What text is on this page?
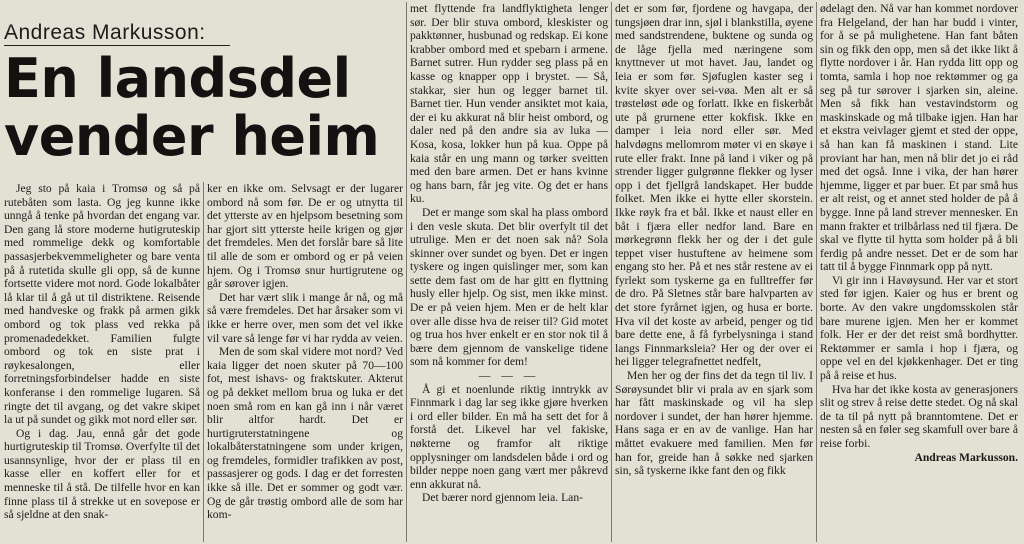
Andreas Markusson:
En landsdel
vender heim

Jeg sto på kaia i Tromsø og så på rutebåten som lasta. Og jeg kunne ikke unngå å tenke på hvordan det engang var. Den gang lå store moderne hutigruteskip med rommelige dekk og komfortable passasjerbekvemmeligheter og bare venta på å rutetida skulle gli opp, så de kunne fortsette videre mot nord. Gode lokalbåter lå klar til å gå ut til distriktene. Reisende med handveske og frakk på armen gikk ombord og tok plass ved rekka på promenadedekket. Familien fulgte ombord og tok en siste prat i røykesalongen, eller forretningsforbindelser hadde en siste konferanse i den rommelige lugaren. Så ringte det til avgang, og det vakre skipet la ut på sundet og gikk mot nord eller sør.

Og i dag. Jau, ennå går det gode hurtigruteskip til Tromsø. Overfylte til det usannsynlige, hvor der er plass til en kasse eller en koffert eller for et menneske til å stå. De tilfelle hvor en kan finne plass til å strekke ut en sovepose er så sjeldne at den snak-

ker en ikke om. Selvsagt er der lugarer ombord nå som før. De er og utnytta til det ytterste av en hjelpsom besetning som har gjort sitt ytterste heile krigen og gjør det fremdeles. Men det forslår bare så lite til alle de som er ombord og er på veien hjem. Og i Tromsø snur hurtigrutene og går sørover igjen.

Det har vært slik i mange år nå, og må så være fremdeles. Det har årsaker som vi ikke er herre over, men som det vel ikke vil vare så lenge før vi har rydda av veien.

Men de som skal videre mot nord? Ved kaia ligger det noen skuter på 70—100 fot, mest ishavs- og fraktskuter. Akterut og på dekket mellom brua og luka er det noen små rom en kan gå inn i når været blir altfor hardt. Det er hurtigruterstatningene og lokalbåterstatningene som under krigen, og fremdeles, formidler trafikken av post, passasjerer og gods. I dag er det forresten ikke så ille. Det er sommer og godt vær. Og de går trøstig ombord alle de som har kom-

met flyttende fra landflyktigheta lenger sør. Der blir stuva ombord, kleskister og pakktønner, husbunad og redskap. Ei kone krabber ombord med et spebarn i armene. Barnet sutrer. Hun rydder seg plass på en kasse og knapper opp i brystet. — Så, stakkar, sier hun og legger barnet til. Barnet tier. Hun vender ansiktet mot kaia, der ei ku akkurat nå blir heist ombord, og daler ned på den andre sia av luka — Kosa, kosa, lokker hun på kua. Oppe på kaia står en ung mann og tørker sveitten med den bare armen. Det er hans kvinne og hans barn, får jeg vite. Og det er hans ku.

Det er mange som skal ha plass ombord i den vesle skuta. Det blir overfylt til det utrulige. Men er det noen sak nå? Sola skinner over sundet og byen. Det er ingen tyskere og ingen quislinger mer, som kan sette dem fast om de har gitt en flyttning husly eller hjelp. Og sist, men ikke minst. De er på veien hjem. Men er de helt klar over alle disse hva de reiser til? Gid motet og trua hos hver enkelt er en stor nok til å bære dem gjennom de vanskelige tidene som nå kommer for dem!

— — —

Å gi et noenlunde riktig inntrykk av Finnmark i dag lar seg ikke gjøre hverken i ord eller bilder. En må ha sett det for å forstå det. Likevel har vel fakiske, nøkterne og framfor alt riktige opplysninger om landsdelen både i ord og bilder neppe noen gang vært mer påkrevd enn akkurat nå.

Det bærer nord gjennom leia. Lan-

det er som før, fjordene og havgapa, der tungsjøen drar inn, sjøl i blankstilla, øyene med sandstrendene, buktene og sunda og de låge fjella med næringene som knyttnever ut mot havet. Jau, landet og leia er som før. Sjøfuglen kaster seg i kvite skyer over sei-vøa. Men alt er så trøsteløst øde og forlatt. Ikke en fiskerbåt ute på grurnene etter kokfisk. Ikke en damper i leia nord eller sør. Med halvdøgns mellomrom møter vi en skøye i rute eller frakt. Inne på land i viker og på strender ligger gulgrønne flekker og lyser opp i det fjellgrå landskapet. Her budde folket. Men ikke ei hytte eller skorstein. Ikke røyk fra et bål. Ikke et naust eller en båt i fjæra eller nedfor land. Bare en mørkegrønn flekk her og der i det gule teppet viser hustuftene av heimene som engang sto her. På et nes står restene av ei fyrlekt som tyskerne ga en fulltreffer før de dro. På Sletnes står bare halvparten av det store fyrårnet igjen, og husa er borte. Hva vil det koste av arbeid, penger og tid bare dette ene, å få fyrbelysninga i stand langs Finnmarksleia? Her og der over ei hei ligger telegrafnettet nedfelt,

Men her og der fins det da tegn til liv. I Sørøysundet blir vi prala av en sjark som har fått maskinskade og vil ha slep nordover i sundet, der han hører hjemme. Hans saga er en av de vanlige. Han har måttet evakuere med familien. Men før han for, greide han å søkke ned sjarken sin, så tyskerne ikke fant den og fikk

ødelagt den. Nå var han kommet nordover fra Helgeland, der han har budd i vinter, for å se på mulighetene. Han fant båten sin og fikk den opp, men så det ikke likt å flytte nordover i år. Han rydda litt opp og tomta, samla i hop noe rektømmer og ga seg på tur sørover i sjarken sin, aleine. Men så fikk han vestavindstorm og maskinskade og må tilbake igjen. Han har et ekstra veivlager gjemt et sted der oppe, så han kan få maskinen i stand. Lite proviant har han, men nå blir det jo ei råd med det også. Inne i vika, der han hører hjemme, ligger et par buer. Et par små hus er alt reist, og et annet sted holder de på å bygge. Inne på land strever mennesker. En mann frakter et trilbårlass ned til fjæra. De skal ve flytte til hytta som holder på å bli ferdig på andre nesset. Det er de som har tatt til å bygge Finnmark opp på nytt.

Vi gir inn i Havøysund. Her var et stort sted før igjen. Kaier og hus er brent og borte. Av den vakre ungdomsskolen står bare murene igjen. Men her er kommet folk. Her er der det reist små bordhytter. Rektømmer er samla i hop i fjæra, og oppe vel en del kjøkkenhager. Det er ting på å reise et hus.

Hva har det ikke kosta av generasjoners slit og strev å reise dette stedet. Og nå skal de ta til på nytt på branntomtene. Det er nesten så en føler seg skamfull over bare å reise forbi.

Andreas Markusson.
